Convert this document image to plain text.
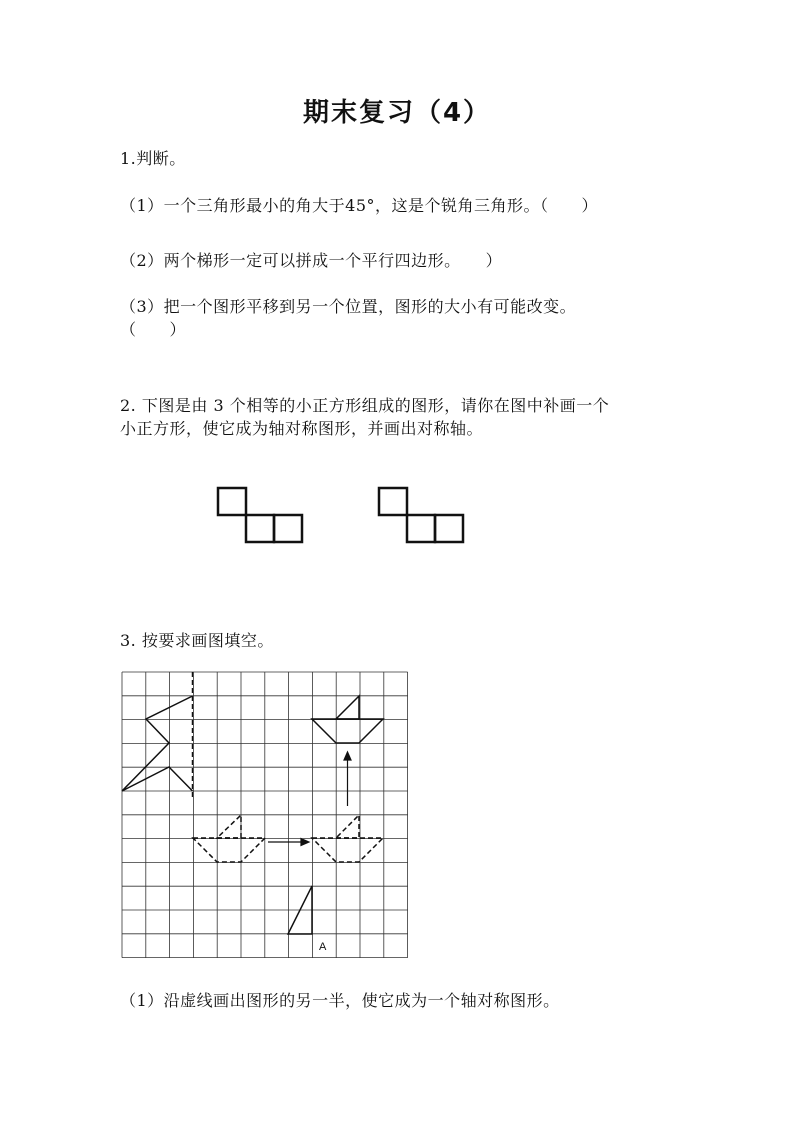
期末复习（4）
1.判断。
（1）一个三角形最小的角大于45°，这是个锐角三角形。（　　）
（2）两个梯形一定可以拼成一个平行四边形。　　）
（3）把一个图形平移到另一个位置，图形的大小有可能改变。
（　　）
2. 下图是由 3 个相等的小正方形组成的图形，请你在图中补画一个
小正方形，使它成为轴对称图形，并画出对称轴。
3. 按要求画图填空。
A
（1）沿虚线画出图形的另一半，使它成为一个轴对称图形。
